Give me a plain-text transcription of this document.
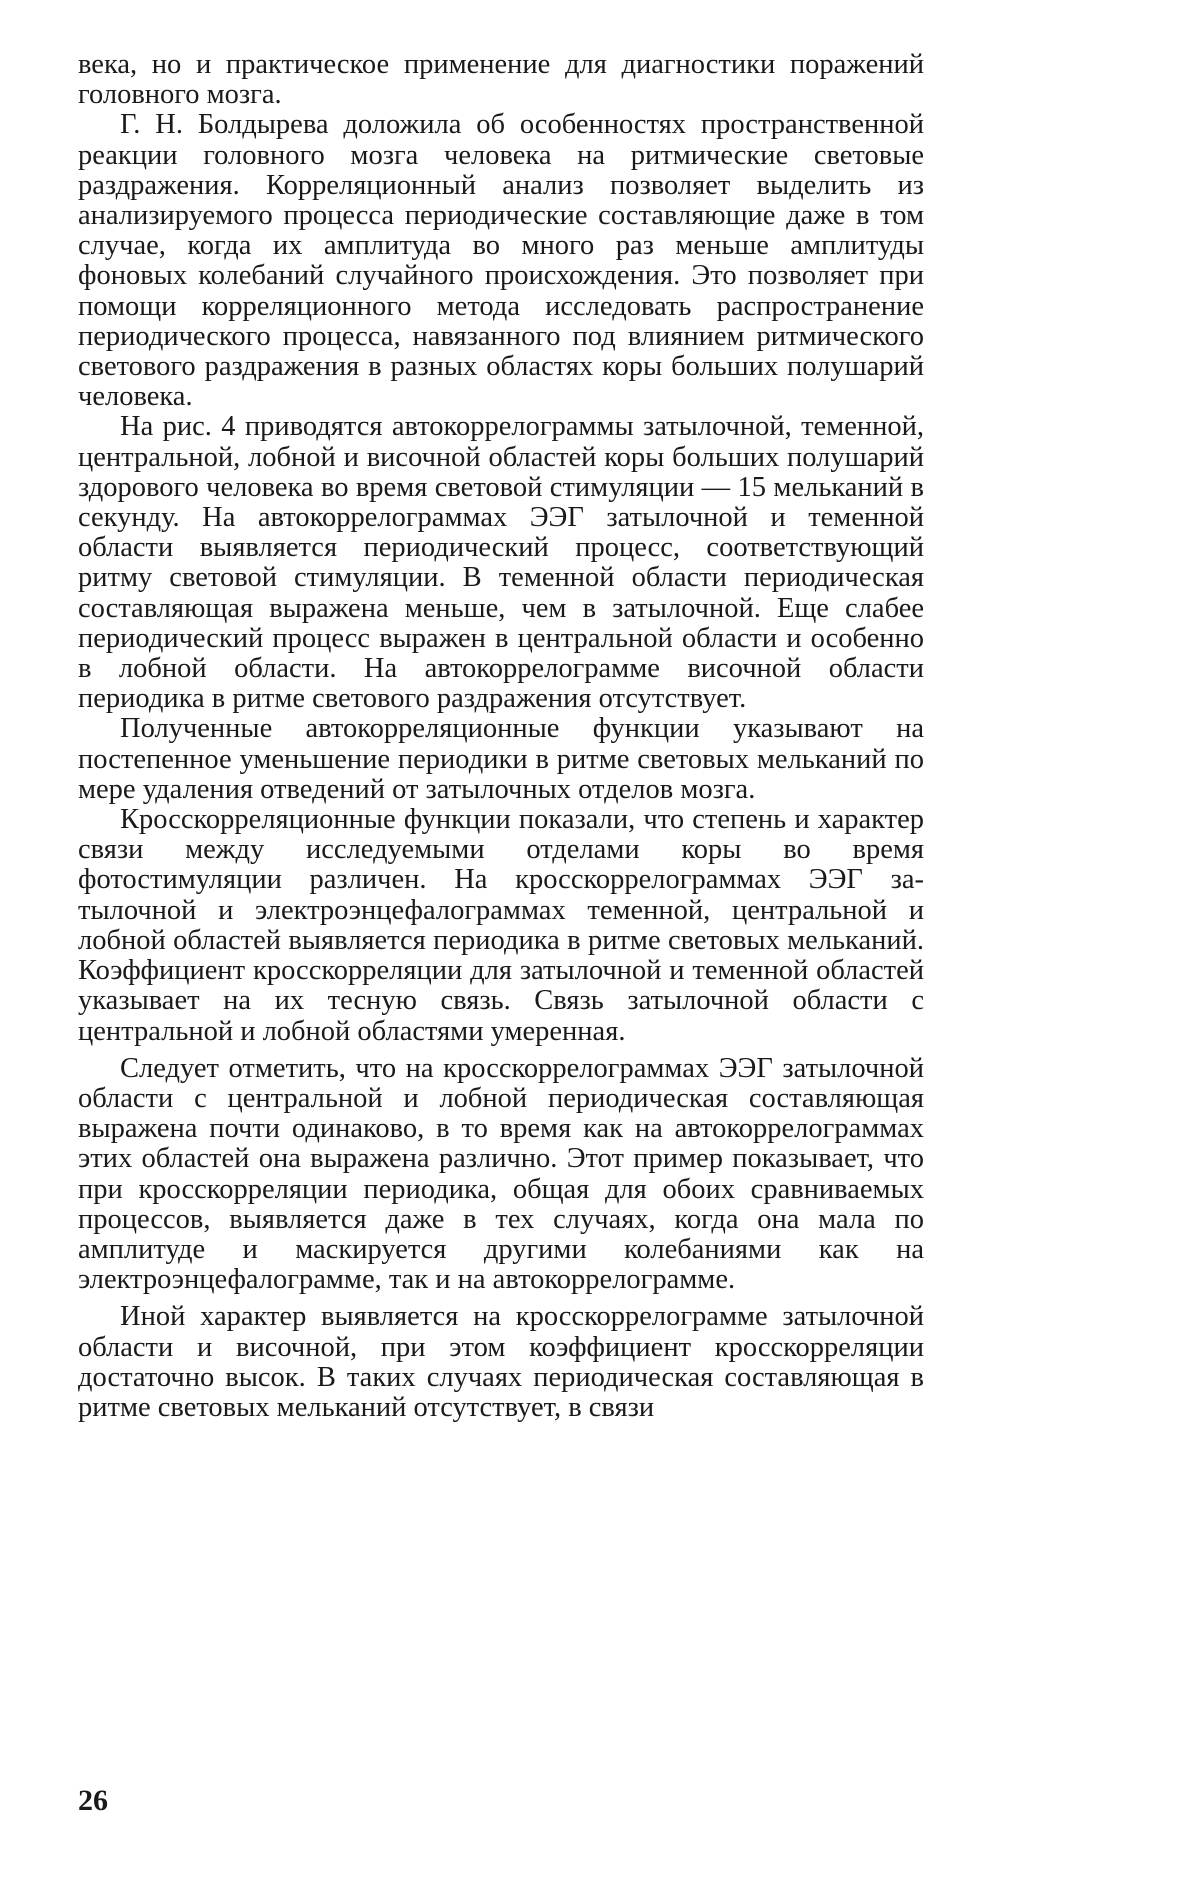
века, но и практическое применение для диагностики поражений головного мозга.

Г. Н. Болдырева доложила об особенностях пространственной реакции головного мозга человека на ритмические световые раздражения. Корреляционный анализ позволяет выделить из анализируемого процесса периодические составляющие даже в том случае, когда их амплитуда во много раз меньше амплитуды фоновых колебаний случайного происхождения. Это позволяет при помощи корреляционного метода исследовать распространение периодического процесса, навязанного под влиянием ритмического светового раздражения в разных областях коры больших полушарий человека.

На рис. 4 приводятся автокоррелограммы затылочной, теменной, центральной, лобной и височной областей коры больших полушарий здорового человека во время световой стимуляции — 15 мельканий в секунду. На автокоррелограммах ЭЭГ затылочной и теменной области выявляется периодический процесс, соответствующий ритму световой стимуляции. В теменной области периодическая составляющая выражена меньше, чем в затылочной. Еще слабее периодический процесс выражен в центральной области и особенно в лобной области. На автокоррелограмме височной области периодика в ритме светового раздражения отсутствует.

Полученные автокорреляционные функции указывают на постепенное уменьшение периодики в ритме световых мельканий по мере удаления отведений от затылочных отделов мозга.

Кросскорреляционные функции показали, что степень и характер связи между исследуемыми отделами коры во время фотостимуляции различен. На кросскоррелограммах ЭЭГ затылочной и электроэнцефалограммах теменной, центральной и лобной областей выявляется периодика в ритме световых мельканий. Коэффициент кросскорреляции для затылочной и теменной областей указывает на их тесную связь. Связь затылочной области с центральной и лобной областями умеренная.

Следует отметить, что на кросскоррелограммах ЭЭГ затылочной области с центральной и лобной периодическая составляющая выражена почти одинаково, в то время как на автокоррелограммах этих областей она выражена различно. Этот пример показывает, что при кросскорреляции периодика, общая для обоих сравниваемых процессов, выявляется даже в тех случаях, когда она мала по амплитуде и маскируется другими колебаниями как на электроэнцефалограмме, так и на автокоррелограмме.

Иной характер выявляется на кросскоррелограмме затылочной области и височной, при этом коэффициент кросскорреляции достаточно высок. В таких случаях периодическая составляющая в ритме световых мельканий отсутствует, в связи

26
